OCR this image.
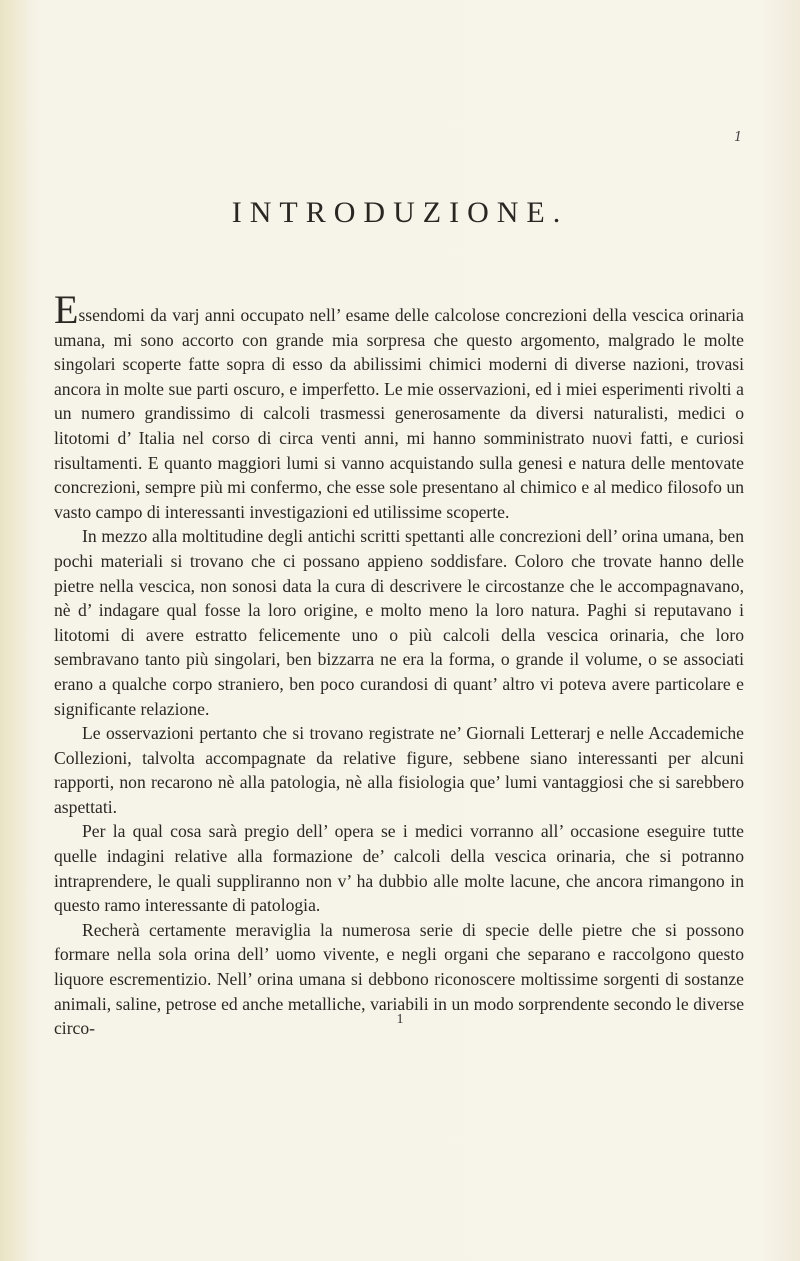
1
INTRODUZIONE.

Essendomi da varj anni occupato nell’ esame delle calcolose concrezioni della vescica orinaria umana, mi sono accorto con grande mia sorpresa che questo argomento, malgrado le molte singolari scoperte fatte sopra di esso da abilissimi chimici moderni di diverse nazioni, trovasi ancora in molte sue parti oscuro, e imperfetto. Le mie osservazioni, ed i miei esperimenti rivolti a un numero grandissimo di calcoli trasmessi generosamente da diversi naturalisti, medici o litotomi d’ Italia nel corso di circa venti anni, mi hanno somministrato nuovi fatti, e curiosi risultamenti. E quanto maggiori lumi si vanno acquistando sulla genesi e natura delle mentovate concrezioni, sempre più mi confermo, che esse sole presentano al chimico e al medico filosofo un vasto campo di interessanti investigazioni ed utilissime scoperte.

In mezzo alla moltitudine degli antichi scritti spettanti alle concrezioni dell’ orina umana, ben pochi materiali si trovano che ci possano appieno soddisfare. Coloro che trovate hanno delle pietre nella vescica, non sonosi data la cura di descrivere le circostanze che le accompagnavano, nè d’ indagare qual fosse la loro origine, e molto meno la loro natura. Paghi si reputavano i litotomi di avere estratto felicemente uno o più calcoli della vescica orinaria, che loro sembravano tanto più singolari, ben bizzarra ne era la forma, o grande il volume, o se associati erano a qualche corpo straniero, ben poco curandosi di quant’ altro vi poteva avere particolare e significante relazione.

Le osservazioni pertanto che si trovano registrate ne’ Giornali Letterarj e nelle Accademiche Collezioni, talvolta accompagnate da relative figure, sebbene siano interessanti per alcuni rapporti, non recarono nè alla patologia, nè alla fisiologia que’ lumi vantaggiosi che si sarebbero aspettati.

Per la qual cosa sarà pregio dell’ opera se i medici vorranno all’ occasione eseguire tutte quelle indagini relative alla formazione de’ calcoli della vescica orinaria, che si potranno intraprendere, le quali suppliranno non v’ ha dubbio alle molte lacune, che ancora rimangono in questo ramo interessante di patologia.

Recherà certamente meraviglia la numerosa serie di specie delle pietre che si possono formare nella sola orina dell’ uomo vivente, e negli organi che separano e raccolgono questo liquore escrementizio. Nell’ orina umana si debbono riconoscere moltissime sorgenti di sostanze animali, saline, petrose ed anche metalliche, variabili in un modo sorprendente secondo le diverse circo-	1
